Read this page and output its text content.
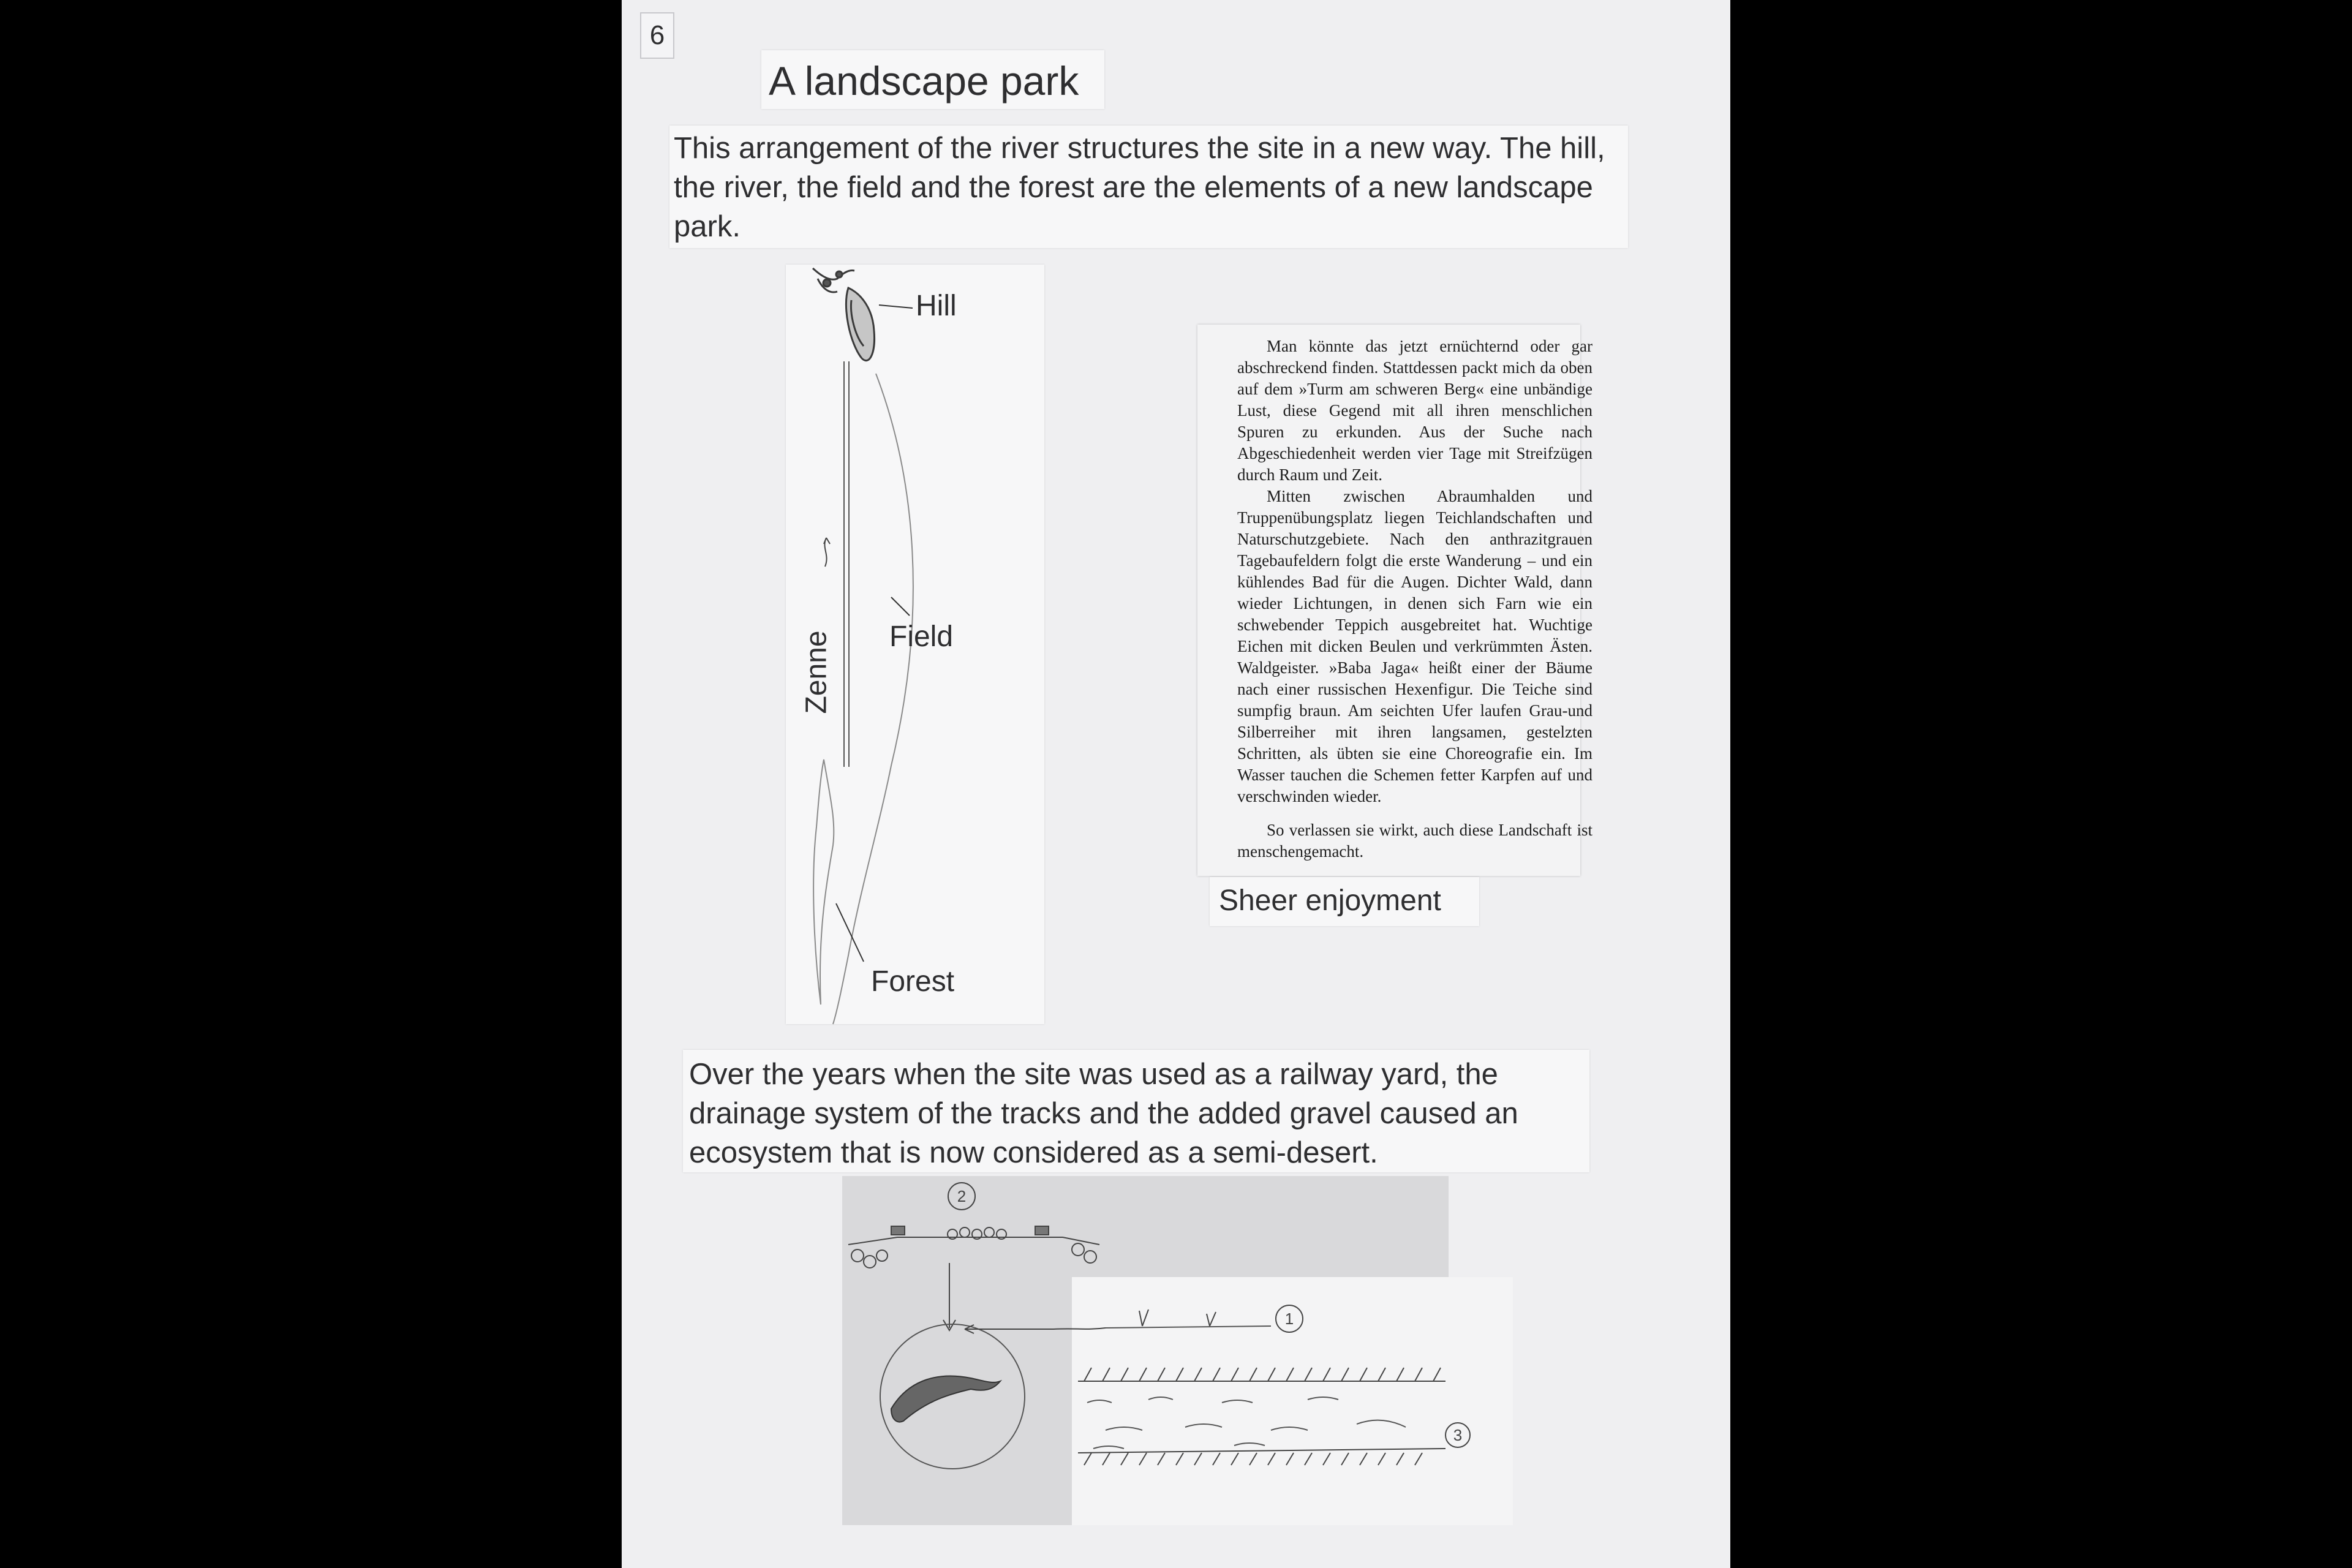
6
A landscape park
This arrangement of the river structures the site in a new way. The hill, the river, the field and the forest are the elements of a new landscape park.
Hill
Field
Forest
Zenne

Man könnte das jetzt ernüchternd oder gar abschreckend finden. Stattdessen packt mich da oben auf dem »Turm am schweren Berg« eine unbändige Lust, diese Gegend mit all ihren menschlichen Spuren zu erkunden. Aus der Suche nach Abgeschiedenheit werden vier Tage mit Streifzügen durch Raum und Zeit.

Mitten zwischen Abraumhalden und Truppenübungsplatz liegen Teichlandschaften und Naturschutzgebiete. Nach den anthrazitgrauen Tagebaufeldern folgt die erste Wanderung – und ein kühlendes Bad für die Augen. Dichter Wald, dann wieder Lichtungen, in denen sich Farn wie ein schwebender Teppich ausgebreitet hat. Wuchtige Eichen mit dicken Beulen und verkrümmten Ästen. Waldgeister. »Baba Jaga« heißt einer der Bäume nach einer russischen Hexenfigur. Die Teiche sind sumpfig braun. Am seichten Ufer laufen Grau-und Silberreiher mit ihren langsamen, gestelzten Schritten, als übten sie eine Choreografie ein. Im Wasser tauchen die Schemen fetter Karpfen auf und verschwinden wieder.

So verlassen sie wirkt, auch diese Landschaft ist menschengemacht.

Sheer enjoyment
Over the years when the site was used as a railway yard, the drainage system of the tracks and the added gravel caused an ecosystem that is now considered as a semi-desert.
2
1
3
